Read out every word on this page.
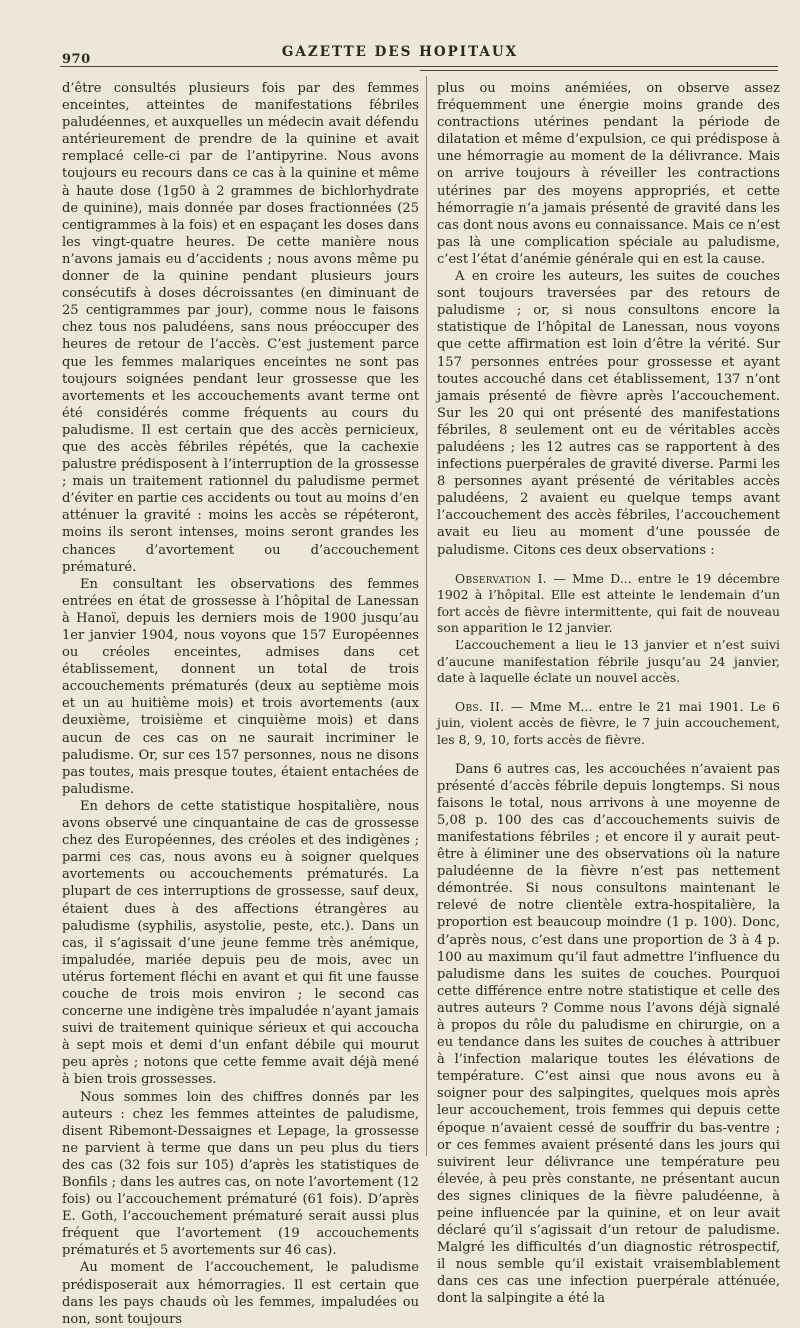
970	GAZETTE DES HOPITAUX

d’être consultés plusieurs fois par des femmes enceintes, atteintes de manifestations fébriles paludéennes, et auxquelles un médecin avait défendu antérieurement de prendre de la quinine et avait remplacé celle-ci par de l’antipyrine. Nous avons toujours eu recours dans ce cas à la quinine et même à haute dose (1g50 à 2 grammes de bichlorhydrate de quinine), mais donnée par doses fractionnées (25 centigrammes à la fois) et en espaçant les doses dans les vingt-quatre heures. De cette manière nous n’avons jamais eu d’accidents ; nous avons même pu donner de la quinine pendant plusieurs jours consécutifs à doses décroissantes (en diminuant de 25 centigrammes par jour), comme nous le faisons chez tous nos paludéens, sans nous préoccuper des heures de retour de l’accès. C’est justement parce que les femmes malariques enceintes ne sont pas toujours soignées pendant leur grossesse que les avortements et les accouchements avant terme ont été considérés comme fréquents au cours du paludisme. Il est certain que des accès pernicieux, que des accès fébriles répétés, que la cachexie palustre prédisposent à l’interruption de la grossesse ; mais un traitement rationnel du paludisme permet d’éviter en partie ces accidents ou tout au moins d’en atténuer la gravité : moins les accès se répéteront, moins ils seront intenses, moins seront grandes les chances d’avortement ou d’accouchement prématuré.

En consultant les observations des femmes entrées en état de grossesse à l’hôpital de Lanessan à Hanoï, depuis les derniers mois de 1900 jusqu’au 1er janvier 1904, nous voyons que 157 Européennes ou créoles enceintes, admises dans cet établissement, donnent un total de trois accouchements prématurés (deux au septième mois et un au huitième mois) et trois avortements (aux deuxième, troisième et cinquième mois) et dans aucun de ces cas on ne saurait incriminer le paludisme. Or, sur ces 157 personnes, nous ne disons pas toutes, mais presque toutes, étaient entachées de paludisme.

En dehors de cette statistique hospitalière, nous avons observé une cinquantaine de cas de grossesse chez des Européennes, des créoles et des indigènes ; parmi ces cas, nous avons eu à soigner quelques avortements ou accouchements prématurés. La plupart de ces interruptions de grossesse, sauf deux, étaient dues à des affections étrangères au paludisme (syphilis, asystolie, peste, etc.). Dans un cas, il s’agissait d’une jeune femme très anémique, impaludée, mariée depuis peu de mois, avec un utérus fortement fléchi en avant et qui fit une fausse couche de trois mois environ ; le second cas concerne une indigène très impaludée n’ayant jamais suivi de traitement quinique sérieux et qui accoucha à sept mois et demi d’un enfant débile qui mourut peu après ; notons que cette femme avait déjà mené à bien trois grossesses.

Nous sommes loin des chiffres donnés par les auteurs : chez les femmes atteintes de paludisme, disent Ribemont-Dessaignes et Lepage, la grossesse ne parvient à terme que dans un peu plus du tiers des cas (32 fois sur 105) d’après les statistiques de Bonfils ; dans les autres cas, on note l’avortement (12 fois) ou l’accouchement prématuré (61 fois). D’après E. Goth, l’accouchement prématuré serait aussi plus fréquent que l’avortement (19 accouchements prématurés et 5 avortements sur 46 cas).

Au moment de l’accouchement, le paludisme prédisposerait aux hémorragies. Il est certain que dans les pays chauds où les femmes, impaludées ou non, sont toujours

plus ou moins anémiées, on observe assez fréquemment une énergie moins grande des contractions utérines pendant la période de dilatation et même d’expulsion, ce qui prédispose à une hémorragie au moment de la délivrance. Mais on arrive toujours à réveiller les contractions utérines par des moyens appropriés, et cette hémorragie n’a jamais présenté de gravité dans les cas dont nous avons eu connaissance. Mais ce n’est pas là une complication spéciale au paludisme, c’est l’état d’anémie générale qui en est la cause.

A en croire les auteurs, les suites de couches sont toujours traversées par des retours de paludisme ; or, si nous consultons encore la statistique de l’hôpital de Lanessan, nous voyons que cette affirmation est loin d’être la vérité. Sur 157 personnes entrées pour grossesse et ayant toutes accouché dans cet établissement, 137 n’ont jamais présenté de fièvre après l’accouchement. Sur les 20 qui ont présenté des manifestations fébriles, 8 seulement ont eu de véritables accès paludéens ; les 12 autres cas se rapportent à des infections puerpérales de gravité diverse. Parmi les 8 personnes ayant présenté de véritables accès paludéens, 2 avaient eu quelque temps avant l’accouchement des accès fébriles, l’accouchement avait eu lieu au moment d’une poussée de paludisme. Citons ces deux observations :

Observation I. — Mme D... entre le 19 décembre 1902 à l’hôpital. Elle est atteinte le lendemain d’un fort accès de fièvre intermittente, qui fait de nouveau son apparition le 12 janvier.

L’accouchement a lieu le 13 janvier et n’est suivi d’aucune manifestation fébrile jusqu’au 24 janvier, date à laquelle éclate un nouvel accès.

Obs. II. — Mme M... entre le 21 mai 1901. Le 6 juin, violent accès de fièvre, le 7 juin accouchement, les 8, 9, 10, forts accès de fièvre.

Dans 6 autres cas, les accouchées n’avaient pas présenté d’accès fébrile depuis longtemps. Si nous faisons le total, nous arrivons à une moyenne de 5,08 p. 100 des cas d’accouchements suivis de manifestations fébriles ; et encore il y aurait peut-être à éliminer une des observations où la nature paludéenne de la fièvre n’est pas nettement démontrée. Si nous consultons maintenant le relevé de notre clientèle extra-hospitalière, la proportion est beaucoup moindre (1 p. 100). Donc, d’après nous, c’est dans une proportion de 3 à 4 p. 100 au maximum qu’il faut admettre l’influence du paludisme dans les suites de couches. Pourquoi cette différence entre notre statistique et celle des autres auteurs ? Comme nous l’avons déjà signalé à propos du rôle du paludisme en chirurgie, on a eu tendance dans les suites de couches à attribuer à l’infection malarique toutes les élévations de température. C’est ainsi que nous avons eu à soigner pour des salpingites, quelques mois après leur accouchement, trois femmes qui depuis cette époque n’avaient cessé de souffrir du bas-ventre ; or ces femmes avaient présenté dans les jours qui suivirent leur délivrance une température peu élevée, à peu près constante, ne présentant aucun des signes cliniques de la fièvre paludéenne, à peine influencée par la quinine, et on leur avait déclaré qu’il s’agissait d’un retour de paludisme. Malgré les difficultés d’un diagnostic rétrospectif, il nous semble qu’il existait vraisemblablement dans ces cas une infection puerpérale atténuée, dont la salpingite a été la
